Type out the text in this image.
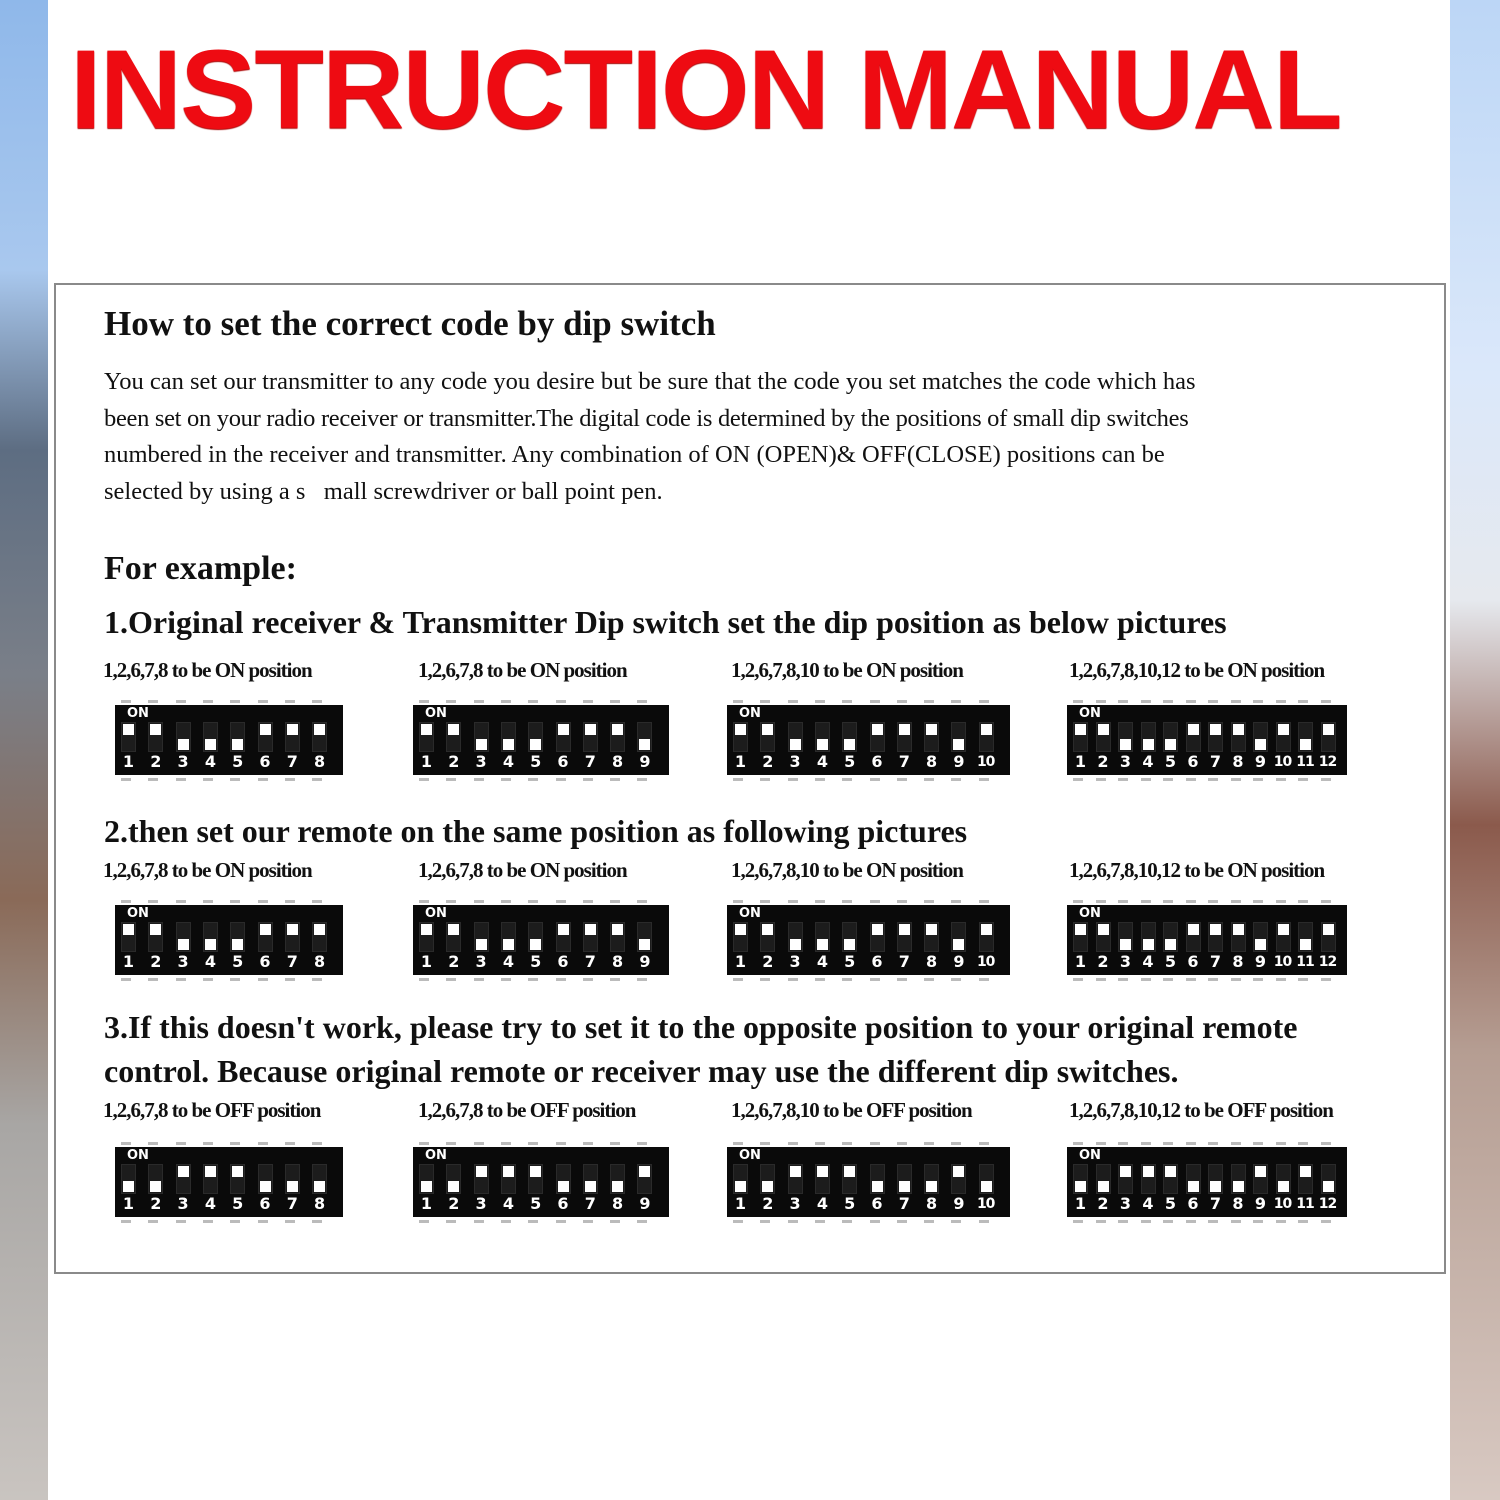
INSTRUCTION MANUAL
How to set the correct code by dip switch
You can set our transmitter to any code you desire but be sure that the code you set matches the code which has
been set on your radio receiver or transmitter.The digital code is determined by the positions of small dip switches
numbered in the receiver and transmitter. Any combination of ON (OPEN)& OFF(CLOSE) positions can be
selected by using a s   mall screwdriver or ball point pen.
For example:
1.Original receiver & Transmitter Dip switch set the dip position as below pictures
1,2,6,7,8 to be ON position
ON
1	2	3	4	5	6	7	8
1,2,6,7,8 to be ON position
ON
1	2	3	4	5	6	7	8	9
1,2,6,7,8,10 to be ON position
ON
1	2	3	4	5	6	7	8	9 10
1,2,6,7,8,10,12 to be ON position
ON
1 2 3 4 5 6 7 8 9 10 11 12
2.then set our remote on the same position as following pictures
1,2,6,7,8 to be ON position
ON
1	2	3	4	5	6	7	8
1,2,6,7,8 to be ON position
ON
1	2	3	4	5	6	7	8	9
1,2,6,7,8,10 to be ON position
ON
1	2	3	4	5	6	7	8	9 10
1,2,6,7,8,10,12 to be ON position
ON
1 2 3 4 5 6 7 8 9 10 11 12
3.If this doesn't work, please try to set it to the opposite position to your original remote
control. Because original remote or receiver may use the different dip switches.
1,2,6,7,8 to be OFF position
ON
1	2	3	4	5	6	7	8
1,2,6,7,8 to be OFF position
ON
1	2	3	4	5	6	7	8	9
1,2,6,7,8,10 to be OFF position
ON
1	2	3	4	5	6	7	8	9 10
1,2,6,7,8,10,12 to be OFF position
ON
1 2 3 4 5 6 7 8 9 10 11 12
